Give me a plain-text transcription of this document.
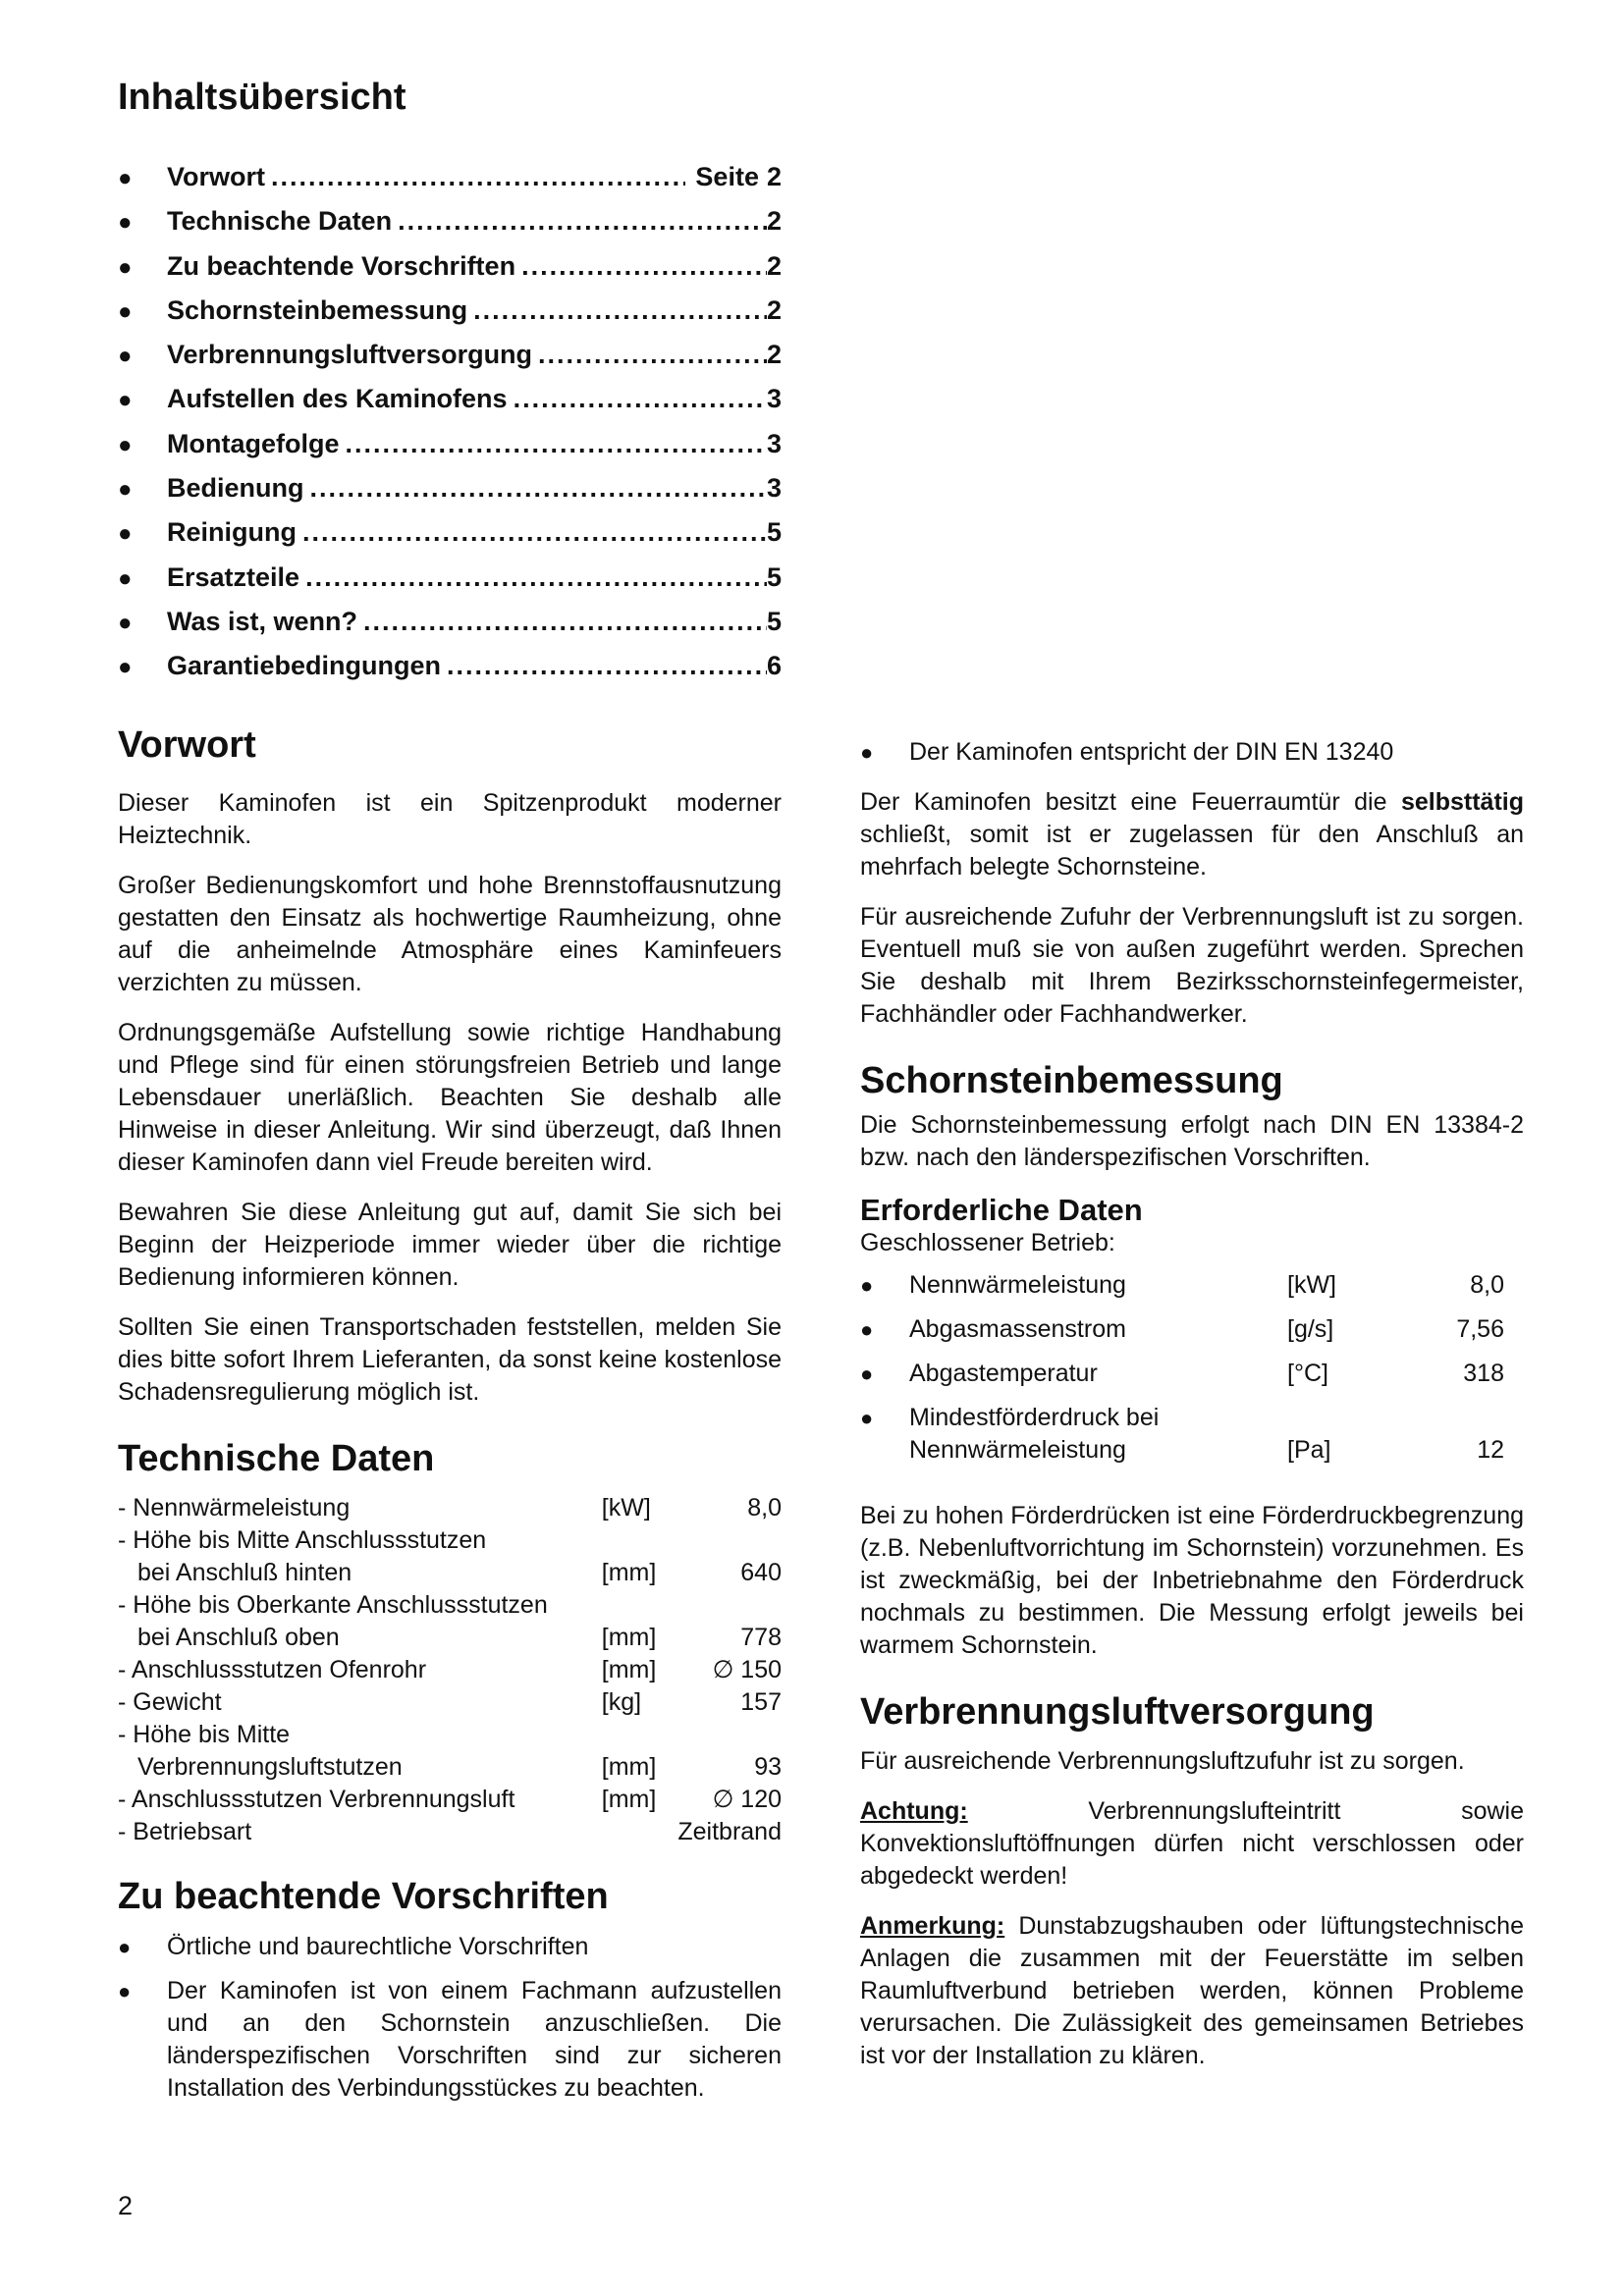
Inhaltsübersicht
●	Vorwort .....	Seite 2
●	Technische Daten .....	2
●	Zu beachtende Vorschriften .....	2
●	Schornsteinbemessung .....	2
●	Verbrennungsluftversorgung .....	2
●	Aufstellen des Kaminofens .....	3
●	Montagefolge .....	3
●	Bedienung .....	3
●	Reinigung .....	5
●	Ersatzteile .....	5
●	Was ist, wenn? .....	5
●	Garantiebedingungen .....	6
Vorwort

Dieser Kaminofen ist ein Spitzenprodukt moderner Heiztechnik.

Großer Bedienungskomfort und hohe Brennstoffausnutzung gestatten den Einsatz als hochwertige Raumheizung, ohne auf die anheimelnde Atmosphäre eines Kaminfeuers verzichten zu müssen.

Ordnungsgemäße Aufstellung sowie richtige Handhabung und Pflege sind für einen störungsfreien Betrieb und lange Lebensdauer unerläßlich. Beachten Sie deshalb alle Hinweise in dieser Anleitung. Wir sind überzeugt, daß Ihnen dieser Kaminofen dann viel Freude bereiten wird.

Bewahren Sie diese Anleitung gut auf, damit Sie sich bei Beginn der Heizperiode immer wieder über die richtige Bedienung informieren können.

Sollten Sie einen Transportschaden feststellen, melden Sie dies bitte sofort Ihrem Lieferanten, da sonst keine kostenlose Schadensregulierung möglich ist.

Technische Daten
- Nennwärmeleistung	[kW]	8,0
- Höhe bis Mitte Anschlussstutzen		
bei Anschluß hinten	[mm]	640
- Höhe bis Oberkante Anschlussstutzen		
bei Anschluß oben	[mm]	778
- Anschlussstutzen Ofenrohr	[mm]	∅ 150
- Gewicht	[kg]	157
- Höhe bis Mitte		
Verbrennungsluftstutzen	[mm]	93
- Anschlussstutzen Verbrennungsluft	[mm]	∅ 120
- Betriebsart		Zeitbrand
Zu beachtende Vorschriften
●	Örtliche und baurechtliche Vorschriften
●	Der Kaminofen ist von einem Fachmann aufzustellen und an den Schornstein anzuschließen. Die länderspezifischen Vorschriften sind zur sicheren Installation des Verbindungsstückes zu beachten.
●	Der Kaminofen entspricht der DIN EN 13240

Der Kaminofen besitzt eine Feuerraumtür die selbsttätig schließt, somit ist er zugelassen für den Anschluß an mehrfach belegte Schornsteine.

Für ausreichende Zufuhr der Verbrennungsluft ist zu sorgen. Eventuell muß sie von außen zugeführt werden. Sprechen Sie deshalb mit Ihrem Bezirksschornsteinfegermeister, Fachhändler oder Fachhandwerker.

Schornsteinbemessung

Die Schornsteinbemessung erfolgt nach DIN EN 13384-2 bzw. nach den länderspezifischen Vorschriften.

Erforderliche Daten

Geschlossener Betrieb:

●	Nennwärmeleistung	[kW]	8,0
●	Abgasmassenstrom	[g/s]	7,56
●	Abgastemperatur	[°C]	318
●	Mindestförderdruck bei
Nennwärmeleistung	[Pa]	12

Bei zu hohen Förderdrücken ist eine Förderdruckbegrenzung (z.B. Nebenluftvorrichtung im Schornstein) vorzunehmen. Es ist zweckmäßig, bei der Inbetriebnahme den Förderdruck nochmals zu bestimmen. Die Messung erfolgt jeweils bei warmem Schornstein.

Verbrennungsluftversorgung

Für ausreichende Verbrennungsluftzufuhr ist zu sorgen.

Achtung: Verbrennungslufteintritt sowie Konvektionsluftöffnungen dürfen nicht verschlossen oder abgedeckt werden!

Anmerkung: Dunstabzugshauben oder lüftungstechnische Anlagen die zusammen mit der Feuerstätte im selben Raumluftverbund betrieben werden, können Probleme verursachen. Die Zulässigkeit des gemeinsamen Betriebes ist vor der Installation zu klären.

2
